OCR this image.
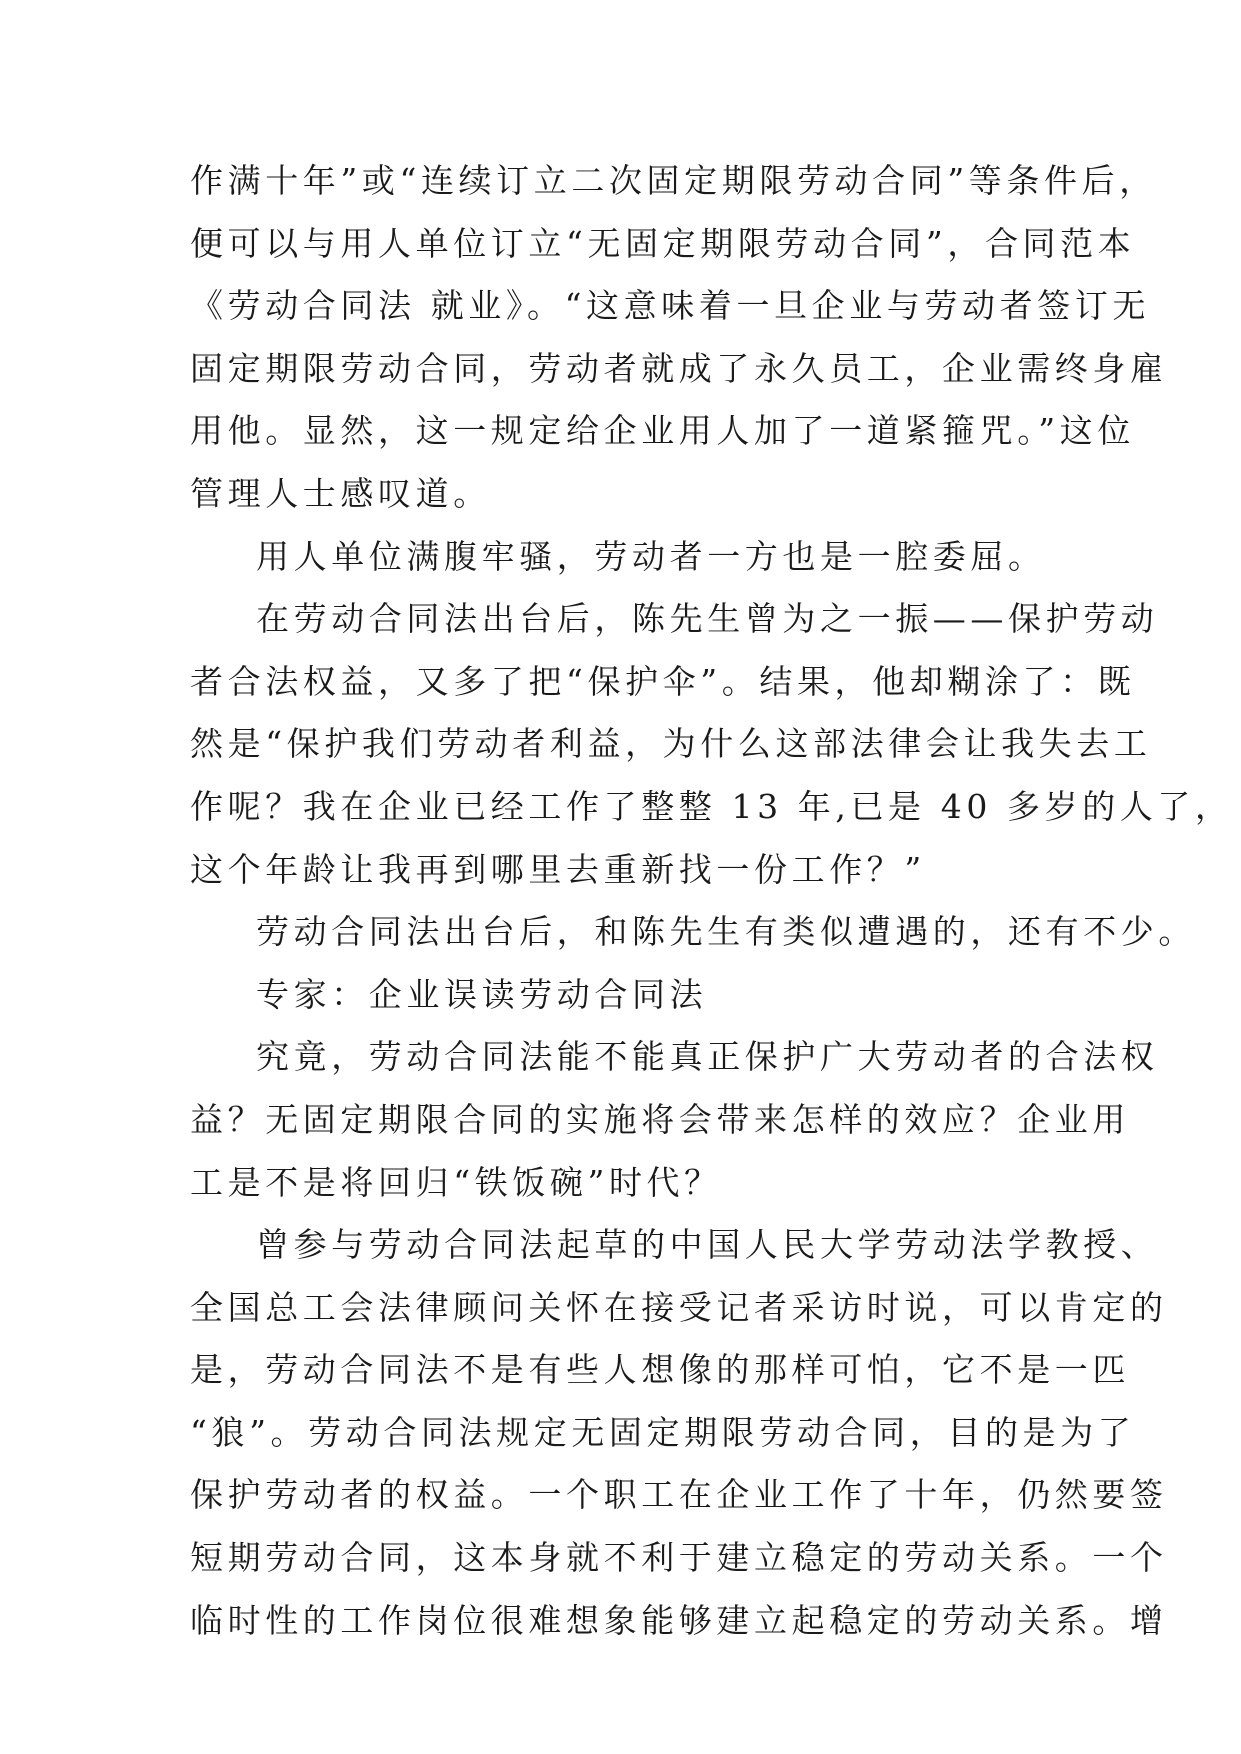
作满十年”或“连续订立二次固定期限劳动合同”等条件后，
便可以与用人单位订立“无固定期限劳动合同”，合同范本
《劳动合同法 就业》。“这意味着一旦企业与劳动者签订无
固定期限劳动合同，劳动者就成了永久员工，企业需终身雇
用他。显然，这一规定给企业用人加了一道紧箍咒。”这位
管理人士感叹道。
用人单位满腹牢骚，劳动者一方也是一腔委屈。
在劳动合同法出台后，陈先生曾为之一振——保护劳动
者合法权益，又多了把“保护伞”。结果，他却糊涂了：既
然是“保护我们劳动者利益，为什么这部法律会让我失去工
作呢？我在企业已经工作了整整 13 年,已是 40 多岁的人了，
这个年龄让我再到哪里去重新找一份工作？”
劳动合同法出台后，和陈先生有类似遭遇的，还有不少。
专家：企业误读劳动合同法
究竟，劳动合同法能不能真正保护广大劳动者的合法权
益？无固定期限合同的实施将会带来怎样的效应？企业用
工是不是将回归“铁饭碗”时代？
曾参与劳动合同法起草的中国人民大学劳动法学教授、
全国总工会法律顾问关怀在接受记者采访时说，可以肯定的
是，劳动合同法不是有些人想像的那样可怕，它不是一匹
“狼”。劳动合同法规定无固定期限劳动合同，目的是为了
保护劳动者的权益。一个职工在企业工作了十年，仍然要签
短期劳动合同，这本身就不利于建立稳定的劳动关系。一个
临时性的工作岗位很难想象能够建立起稳定的劳动关系。增
